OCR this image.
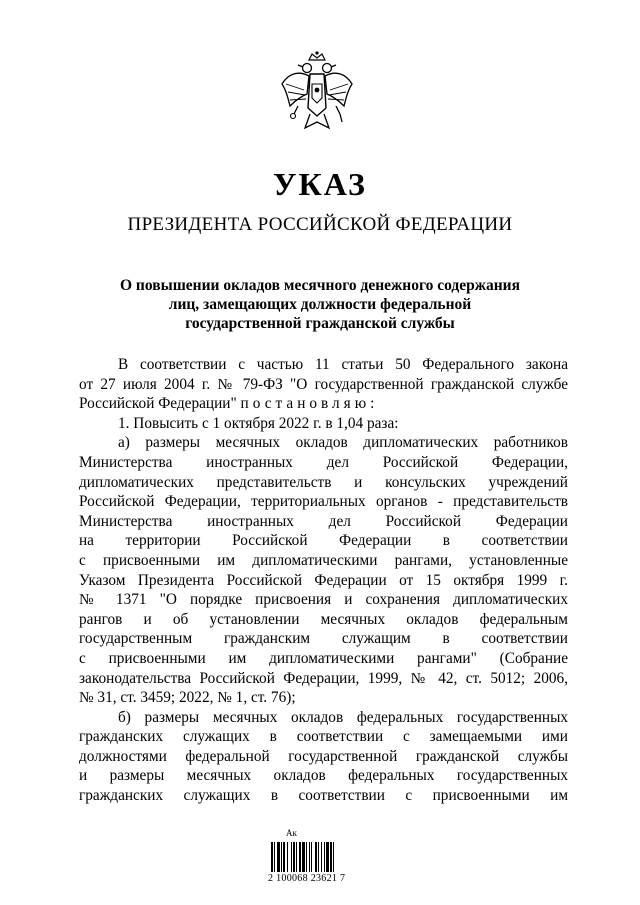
УКАЗ
ПРЕЗИДЕНТА РОССИЙСКОЙ ФЕДЕРАЦИИ
О повышении окладов месячного денежного содержания
лиц, замещающих должности федеральной
государственной гражданской службы
В соответствии с частью 11 статьи 50 Федерального закона
от 27 июля 2004 г. № 79-ФЗ "О государственной гражданской службе
Российской Федерации" постановляю:
1. Повысить с 1 октября 2022 г. в 1,04 раза:
а) размеры месячных окладов дипломатических работников
Министерства иностранных дел Российской Федерации,
дипломатических представительств и консульских учреждений
Российской Федерации, территориальных органов - представительств
Министерства иностранных дел Российской Федерации
на территории Российской Федерации в соответствии
с присвоенными им дипломатическими рангами, установленные
Указом Президента Российской Федерации от 15 октября 1999 г.
№ 1371 "О порядке присвоения и сохранения дипломатических
рангов и об установлении месячных окладов федеральным
государственным гражданским служащим в соответствии
с присвоенными им дипломатическими рангами" (Собрание
законодательства Российской Федерации, 1999, № 42, ст. 5012; 2006,
№ 31, ст. 3459; 2022, № 1, ст. 76);
б) размеры месячных окладов федеральных государственных
гражданских служащих в соответствии с замещаемыми ими
должностями федеральной государственной гражданской службы
и размеры месячных окладов федеральных государственных
гражданских служащих в соответствии с присвоенными им
Ак
2 100068 23621 7
